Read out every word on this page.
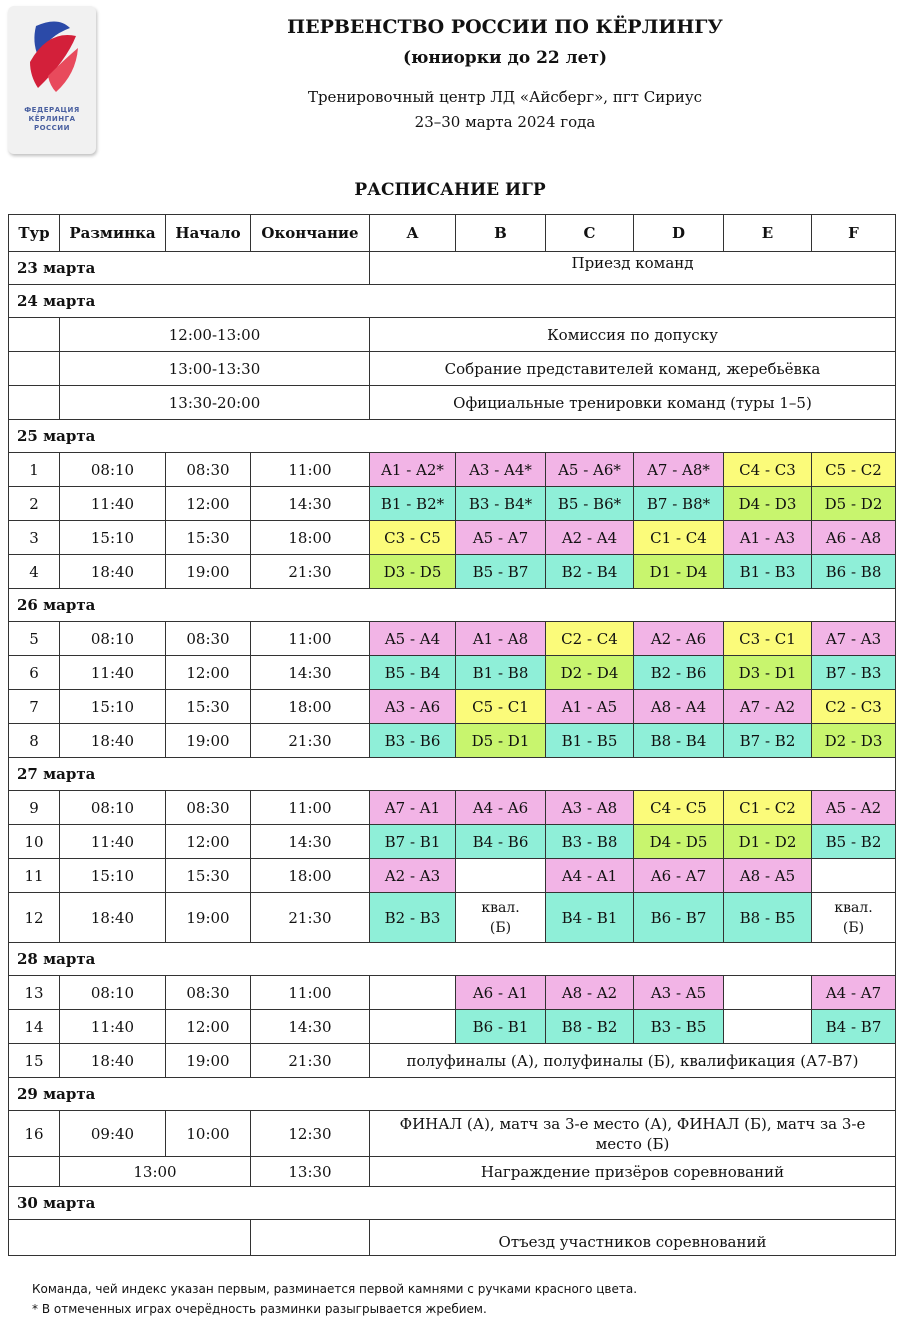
ФЕДЕРАЦИЯ
КЁРЛИНГА
РОССИИ
ПЕРВЕНСТВО РОССИИ ПО КЁРЛИНГУ
(юниорки до 22 лет)
Тренировочный центр ЛД «Айсберг», пгт Сириус
23–30 марта 2024 года
РАСПИСАНИЕ ИГР
Тур	Разминка	Начало	Окончание	A	B	C	D	E	F
23 марта				Приезд команд					
24 марта									
	12:00-13:00			Комиссия по допуску					
	13:00-13:30			Собрание представителей команд, жеребьёвка					
	13:30-20:00			Официальные тренировки команд (туры 1–5)					
25 марта									
1	08:10	08:30	11:00	A1 - A2*	A3 - A4*	A5 - A6*	A7 - A8*	C4 - C3	C5 - C2
2	11:40	12:00	14:30	B1 - B2*	B3 - B4*	B5 - B6*	B7 - B8*	D4 - D3	D5 - D2
3	15:10	15:30	18:00	C3 - C5	A5 - A7	A2 - A4	C1 - C4	A1 - A3	A6 - A8
4	18:40	19:00	21:30	D3 - D5	B5 - B7	B2 - B4	D1 - D4	B1 - B3	B6 - B8
26 марта									
5	08:10	08:30	11:00	A5 - A4	A1 - A8	C2 - C4	A2 - A6	C3 - C1	A7 - A3
6	11:40	12:00	14:30	B5 - B4	B1 - B8	D2 - D4	B2 - B6	D3 - D1	B7 - B3
7	15:10	15:30	18:00	A3 - A6	C5 - C1	A1 - A5	A8 - A4	A7 - A2	C2 - C3
8	18:40	19:00	21:30	B3 - B6	D5 - D1	B1 - B5	B8 - B4	B7 - B2	D2 - D3
27 марта									
9	08:10	08:30	11:00	A7 - A1	A4 - A6	A3 - A8	C4 - C5	C1 - C2	A5 - A2
10	11:40	12:00	14:30	B7 - B1	B4 - B6	B3 - B8	D4 - D5	D1 - D2	B5 - B2
11	15:10	15:30	18:00	A2 - A3		A4 - A1	A6 - A7	A8 - A5	
12	18:40	19:00	21:30	B2 - B3	квал. (Б)	B4 - B1	B6 - B7	B8 - B5	квал. (Б)
28 марта									
13	08:10	08:30	11:00		A6 - A1	A8 - A2	A3 - A5		A4 - A7
14	11:40	12:00	14:30		B6 - B1	B8 - B2	B3 - B5		B4 - B7
15	18:40	19:00	21:30	полуфиналы (А), полуфиналы (Б), квалификация (А7-В7)					
29 марта									
16	09:40	10:00	12:30	ФИНАЛ (А), матч за 3-е место (А), ФИНАЛ (Б), матч за 3-е место (Б)					
	13:00		13:30	Награждение призёров соревнований					
30 марта									
				Отъезд участников соревнований					
Команда, чей индекс указан первым, разминается первой камнями с ручками красного цвета.
* В отмеченных играх очерёдность разминки разыгрывается жребием.
